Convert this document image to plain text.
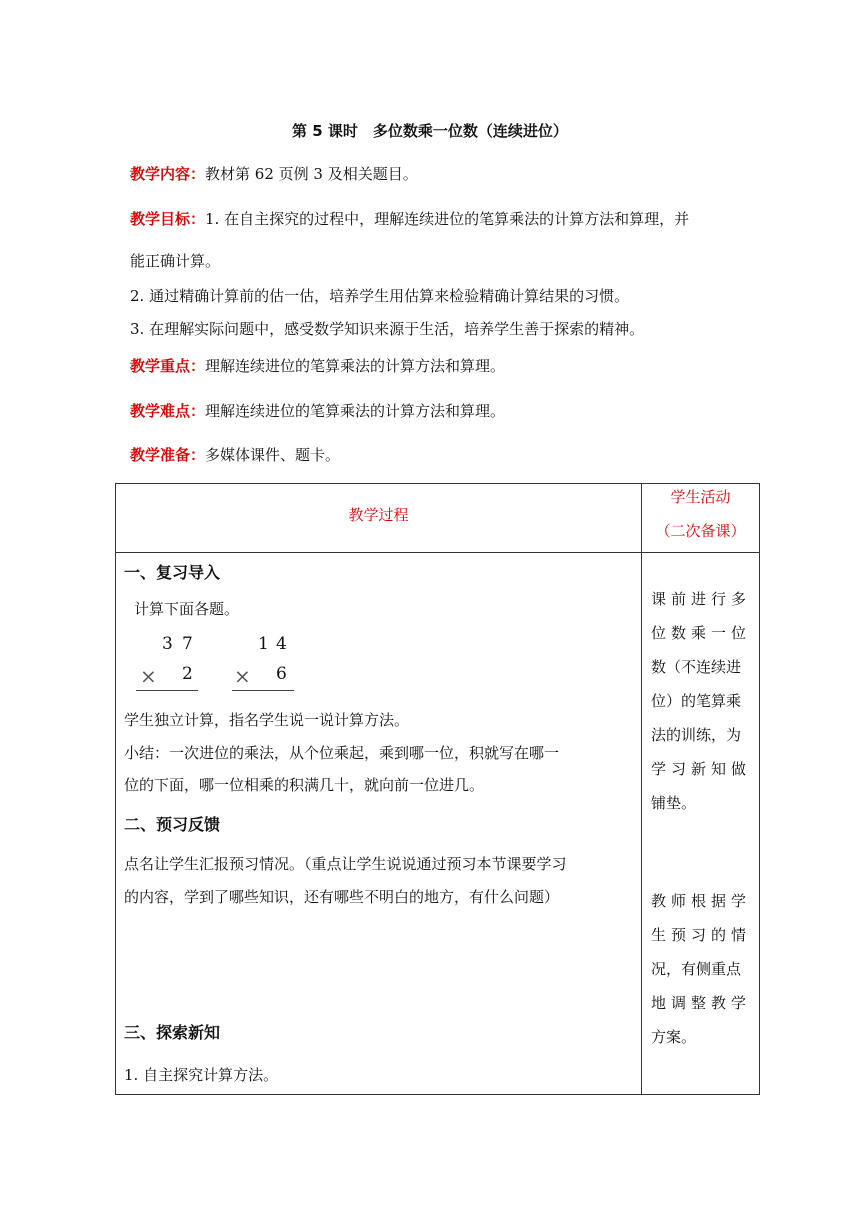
第 5 课时　多位数乘一位数（连续进位）
教学内容：教材第 62 页例 3 及相关题目。
教学目标：1. 在自主探究的过程中，理解连续进位的笔算乘法的计算方法和算理，并
能正确计算。
2. 通过精确计算前的估一估，培养学生用估算来检验精确计算结果的习惯。
3. 在理解实际问题中，感受数学知识来源于生活，培养学生善于探索的精神。
教学重点：理解连续进位的笔算乘法的计算方法和算理。
教学难点：理解连续进位的笔算乘法的计算方法和算理。
教学准备：多媒体课件、题卡。
教学过程
学生活动
（二次备课）
一、复习导入
计算下面各题。
3 7
× 2
1 4
× 6
学生独立计算，指名学生说一说计算方法。
小结：一次进位的乘法，从个位乘起，乘到哪一位，积就写在哪一
位的下面，哪一位相乘的积满几十，就向前一位进几。
二、预习反馈
点名让学生汇报预习情况。（重点让学生说说通过预习本节课要学习
的内容，学到了哪些知识，还有哪些不明白的地方，有什么问题）
三、探索新知
1. 自主探究计算方法。
课前进行多
位数乘一位
数（不连续进
位）的笔算乘
法的训练，为
学习新知做
铺垫。
教师根据学
生预习的情
况，有侧重点
地调整教学
方案。
